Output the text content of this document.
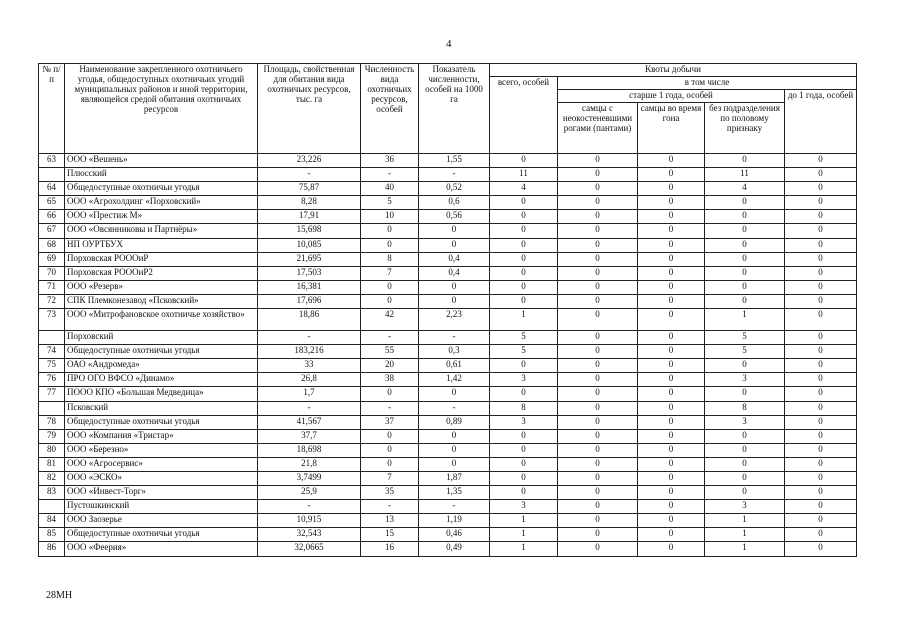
4
№ п/п	Наименование закрепленного охотничьего угодья, общедоступных охотничьих угодий муниципальных районов и иной территории, являющейся средой обитания охотничьих ресурсов	Площадь, свойственная для обитания вида охотничьих ресурсов, тыс. га	Численность вида охотничьих ресурсов, особей	Показатель численности, особей на 1000 га	Квоты добычи				
					всего, особей	в том числе			
						старше 1 года, особей			до 1 года, особей
						самцы с неокостеневшими рогами (пантами)	самцы во время гона	без подразделения по половому признаку	
63	ООО «Вешень»	23,226	36	1,55	0	0	0	0	0
	Плюсский	-	-	-	11	0	0	11	0
64	Общедоступные охотничьи угодья	75,87	40	0,52	4	0	0	4	0
65	ООО «Агрохолдинг «Порховский»	8,28	5	0,6	0	0	0	0	0
66	ООО «Престиж М»	17,91	10	0,56	0	0	0	0	0
67	ООО «Овсянниковы и Партнёры»	15,698	0	0	0	0	0	0	0
68	НП ОУРТБУХ	10,085	0	0	0	0	0	0	0
69	Порховская РОООиР	21,695	8	0,4	0	0	0	0	0
70	Порховская РОООиР2	17,503	7	0,4	0	0	0	0	0
71	ООО «Резерв»	16,381	0	0	0	0	0	0	0
72	СПК Племконезавод «Псковский»	17,696	0	0	0	0	0	0	0
73	ООО «Митрофановское охотничье хозяйство»	18,86	42	2,23	1	0	0	1	0
	Порховский	-	-	-	5	0	0	5	0
74	Общедоступные охотничьи угодья	183,216	55	0,3	5	0	0	5	0
75	ОАО «Андромеда»	33	20	0,61	0	0	0	0	0
76	ПРО ОГО ВФСО «Динамо»	26,8	38	1,42	3	0	0	3	0
77	ПООО КПО «Большая Медведица»	1,7	0	0	0	0	0	0	0
	Псковский	-	-	-	8	0	0	8	0
78	Общедоступные охотничьи угодья	41,567	37	0,89	3	0	0	3	0
79	ООО «Компания «Тристар»	37,7	0	0	0	0	0	0	0
80	ООО «Березно»	18,698	0	0	0	0	0	0	0
81	ООО «Агросервис»	21,8	0	0	0	0	0	0	0
82	ООО «ЭСКО»	3,7499	7	1,87	0	0	0	0	0
83	ООО «Инвест-Торг»	25,9	35	1,35	0	0	0	0	0
	Пустошкинский	-	-	-	3	0	0	3	0
84	ООО Заозерье	10,915	13	1,19	1	0	0	1	0
85	Общедоступные охотничьи угодья	32,543	15	0,46	1	0	0	1	0
86	ООО «Феерия»	32,0665	16	0,49	1	0	0	1	0
28МН
